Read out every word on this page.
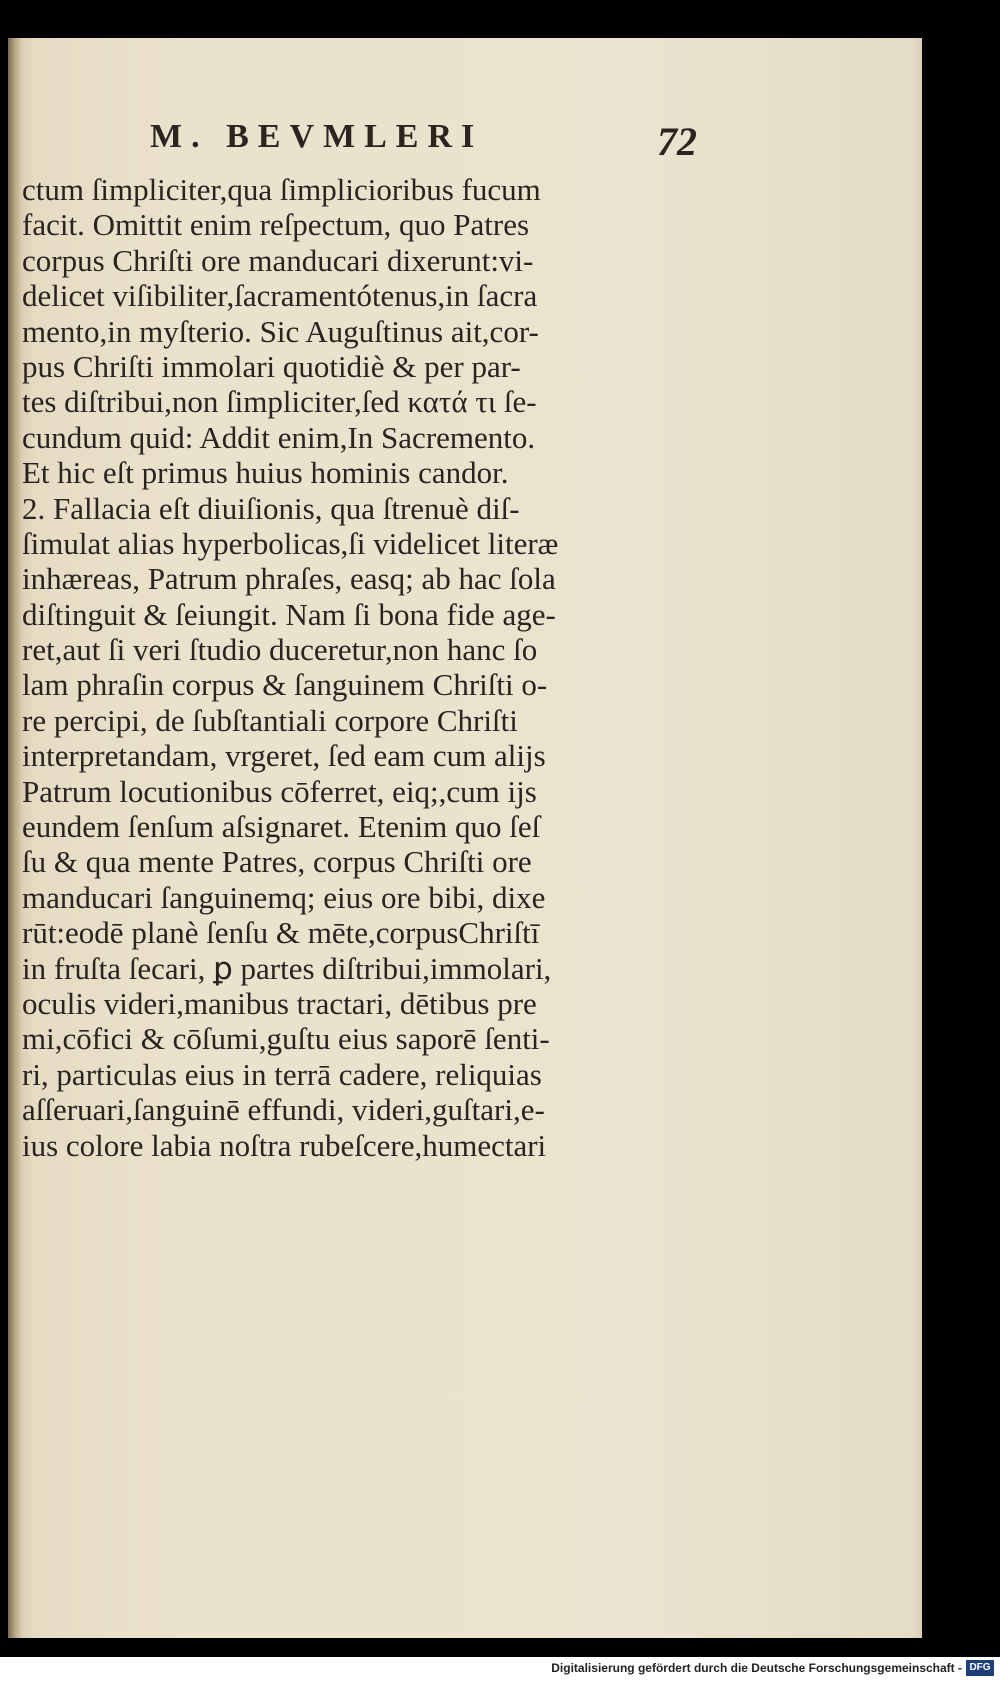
M. BEVMLERI	72
ctum ſimpliciter,qua ſimplicioribus fucum
facit. Omittit enim reſpectum, quo Patres
corpus Chriſti ore manducari dixerunt:vi-
delicet viſibiliter,ſacramentótenus,in ſacra
mento,in myſterio. Sic Auguſtinus ait,cor-
pus Chriſti immolari quotidiè & per par-
tes diſtribui,non ſimpliciter,ſed κατά τι ſe-
cundum quid: Addit enim,In Sacremento.
Et hic eſt primus huius hominis candor.
2. Fallacia eſt diuiſionis, qua ſtrenuè diſ-
ſimulat alias hyperbolicas,ſi videlicet literæ
inhæreas, Patrum phraſes, easq; ab hac ſola
diſtinguit & ſeiungit. Nam ſi bona fide age-
ret,aut ſi veri ſtudio duceretur,non hanc ſo
lam phraſin corpus & ſanguinem Chriſti o-
re percipi, de ſubſtantiali corpore Chriſti
interpretandam, vrgeret, ſed eam cum alijs
Patrum locutionibus cōferret, eiq;,cum ijs
eundem ſenſum aſsignaret. Etenim quo ſeſ
ſu & qua mente Patres, corpus Chriſti ore
manducari ſanguinemq; eius ore bibi, dixe
rūt:eodē planè ſenſu & mēte,corpusChriſtī
in fruſta ſecari, ꝑ partes diſtribui,immolari,
oculis videri,manibus tractari, dētibus pre
mi,cōfici & cōſumi,guſtu eius saporē ſenti-
ri, particulas eius in terrā cadere, reliquias
aſſeruari,ſanguinē effundi, videri,guſtari,e-
ius colore labia noſtra rubeſcere,humectari
Digitalisierung gefördert durch die Deutsche Forschungsgemeinschaft - DFG
